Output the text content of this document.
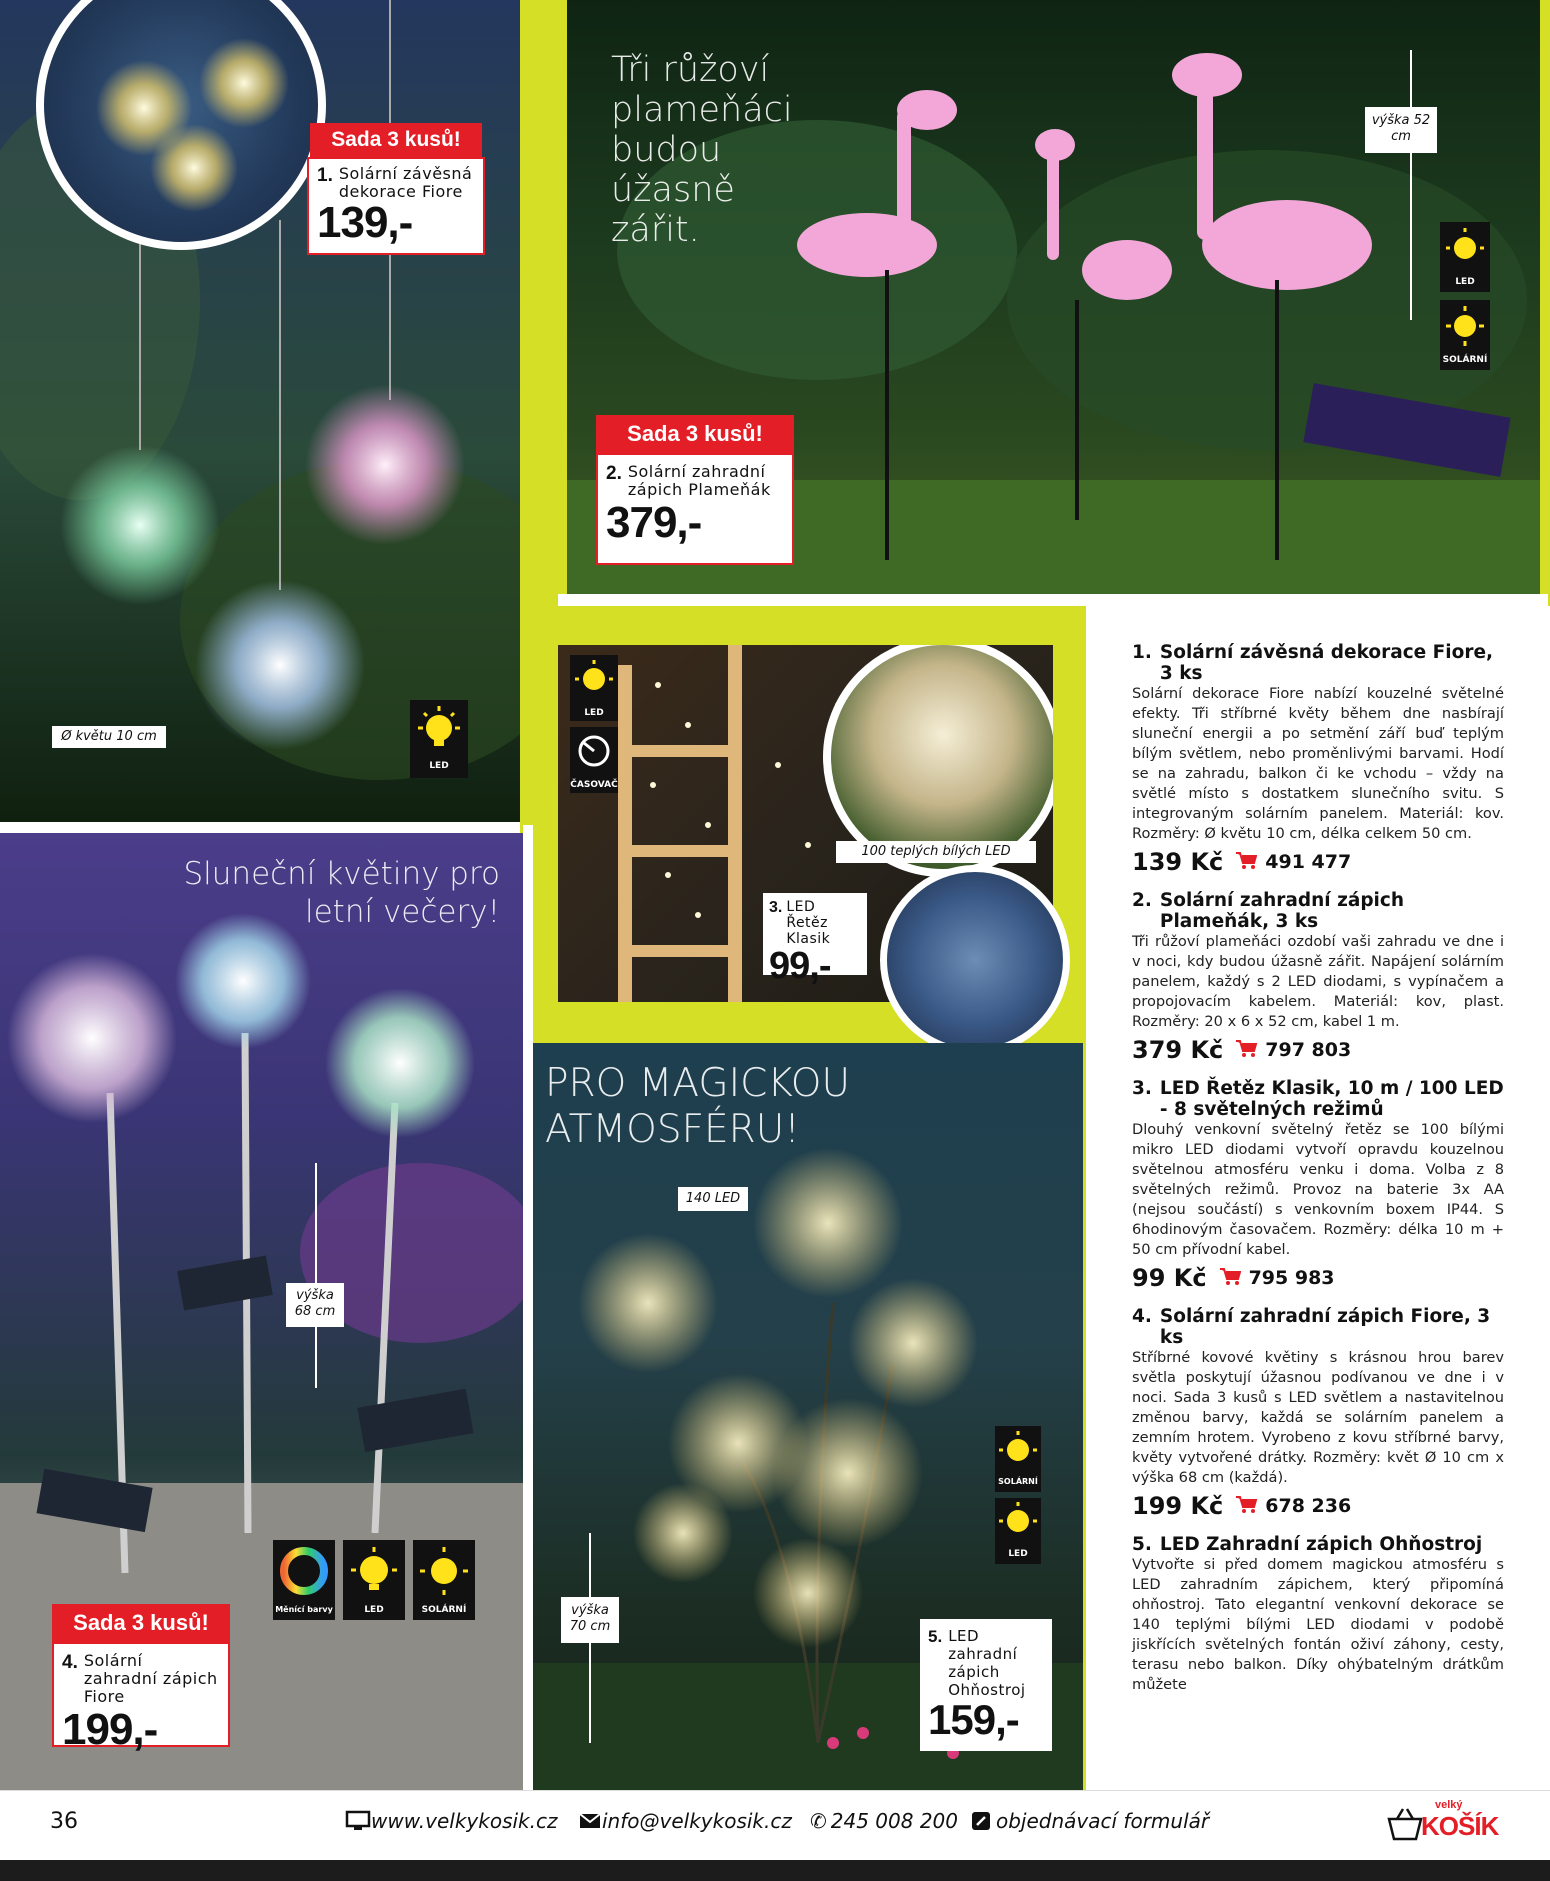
Sada 3 kusů!
1. Solární závěsná dekorace Fiore
139,-
Ø květu 10 cm
LED
Tři růžoví plameňáci budou úžasně zářit.
výška 52 cm
LED
SOLÁRNÍ
Sada 3 kusů!
2. Solární zahradní zápich Plameňák
379,-
LED
ČASOVAČ
100 teplých bílých LED
3. LED Řetěz Klasik
99,-
Sluneční květiny pro letní večery!
výška 68 cm
Měnící barvy	LED	SOLÁRNÍ
Sada 3 kusů!
4. Solární zahradní zápich Fiore
199,-
PRO MAGICKOU ATMOSFÉRU!
140 LED
výška 70 cm
SOLÁRNÍ
LED
5. LED zahradní zápich Ohňostroj
159,-
1. Solární závěsná dekorace Fiore, 3 ks
Solární dekorace Fiore nabízí kouzelné světelné efekty. Tři stříbrné květy během dne nasbírají sluneční energii a po setmění září buď teplým bílým světlem, nebo proměnlivými barvami. Hodí se na zahradu, balkon či ke vchodu – vždy na světlé místo s dostatkem slunečního svitu. S integrovaným solárním panelem. Materiál: kov. Rozměry: Ø květu 10 cm, délka celkem 50 cm.
139 Kč 491 477
2. Solární zahradní zápich Plameňák, 3 ks
Tři růžoví plameňáci ozdobí vaši zahradu ve dne i v noci, kdy budou úžasně zářit. Napájení solárním panelem, každý s 2 LED diodami, s vypínačem a propojovacím kabelem. Materiál: kov, plast. Rozměry: 20 x 6 x 52 cm, kabel 1 m.
379 Kč 797 803
3. LED Řetěz Klasik, 10 m / 100 LED - 8 světelných režimů
Dlouhý venkovní světelný řetěz se 100 bílými mikro LED diodami vytvoří opravdu kouzelnou světelnou atmosféru venku i doma. Volba z 8 světelných režimů. Provoz na baterie 3x AA (nejsou součástí) s venkovním boxem IP44. S 6hodinovým časovačem. Rozměry: délka 10 m + 50 cm přívodní kabel.
99 Kč 795 983
4. Solární zahradní zápich Fiore, 3 ks
Stříbrné kovové květiny s krásnou hrou barev světla poskytují úžasnou podívanou ve dne i v noci. Sada 3 kusů s LED světlem a nastavitelnou změnou barvy, každá se solárním panelem a zemním hrotem. Vyrobeno z kovu stříbrné barvy, květy vytvořené drátky. Rozměry: květ Ø 10 cm x výška 68 cm (každá).
199 Kč 678 236
5. LED Zahradní zápich Ohňostroj
Vytvořte si před domem magickou atmosféru s LED zahradním zápichem, který připomíná ohňostroj. Tato elegantní venkovní dekorace se 140 teplými bílými LED diodami v podobě jiskřících světelných fontán oživí záhony, cesty, terasu nebo balkon. Díky ohýbatelným drátkům můžete
36	www.velkykosik.cz info@velkykosik.cz ✆ 245 008 200 objednávací formulář
velký
KOŠÍK
